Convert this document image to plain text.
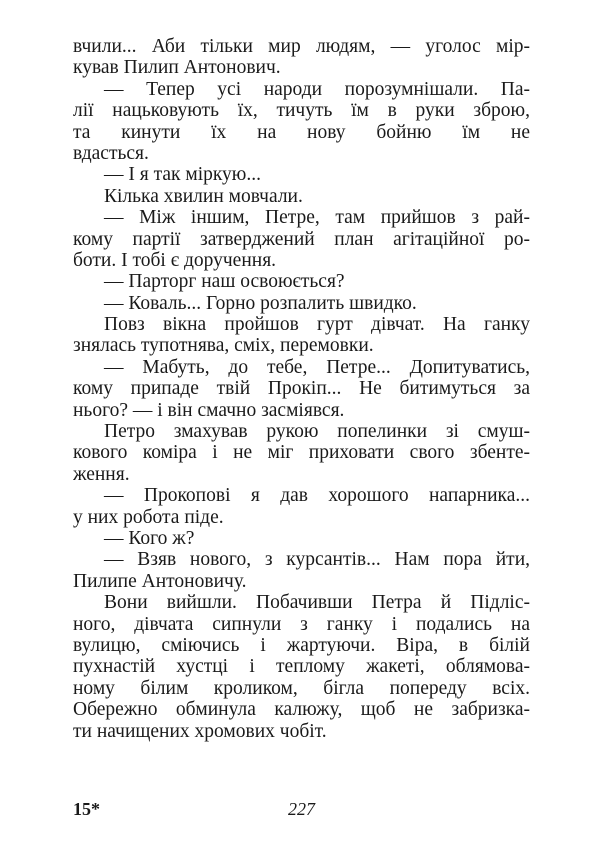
вчили... Аби тільки мир людям, — уголос мір-
кував Пилип Антонович.
— Тепер усі народи порозумнішали. Па-
лії нацьковують їх, тичуть їм в руки зброю,
та кинути їх на нову бойню їм не
вдасться.
— І я так міркую...
Кілька хвилин мовчали.
— Між іншим, Петре, там прийшов з рай-
кому партії затверджений план агітаційної ро-
боти. І тобі є доручення.
— Парторг наш освоюється?
— Коваль... Горно розпалить швидко.
Повз вікна пройшов гурт дівчат. На ганку
знялась тупотнява, сміх, перемовки.
— Мабуть, до тебе, Петре... Допитуватись,
кому припаде твій Прокіп... Не битимуться за
нього? — і він смачно засміявся.
Петро змахував рукою попелинки зі смуш-
кового коміра і не міг приховати свого збенте-
ження.
— Прокопові я дав хорошого напарника...
у них робота піде.
— Кого ж?
— Взяв нового, з курсантів... Нам пора йти,
Пилипе Антоновичу.
Вони вийшли. Побачивши Петра й Підліс-
ного, дівчата сипнули з ганку і подались на
вулицю, сміючись і жартуючи. Віра, в білій
пухнастій хустці і теплому жакеті, облямова-
ному білим кроликом, бігла попереду всіх.
Обережно обминула калюжу, щоб не забризка-
ти начищених хромових чобіт.
15*	227
